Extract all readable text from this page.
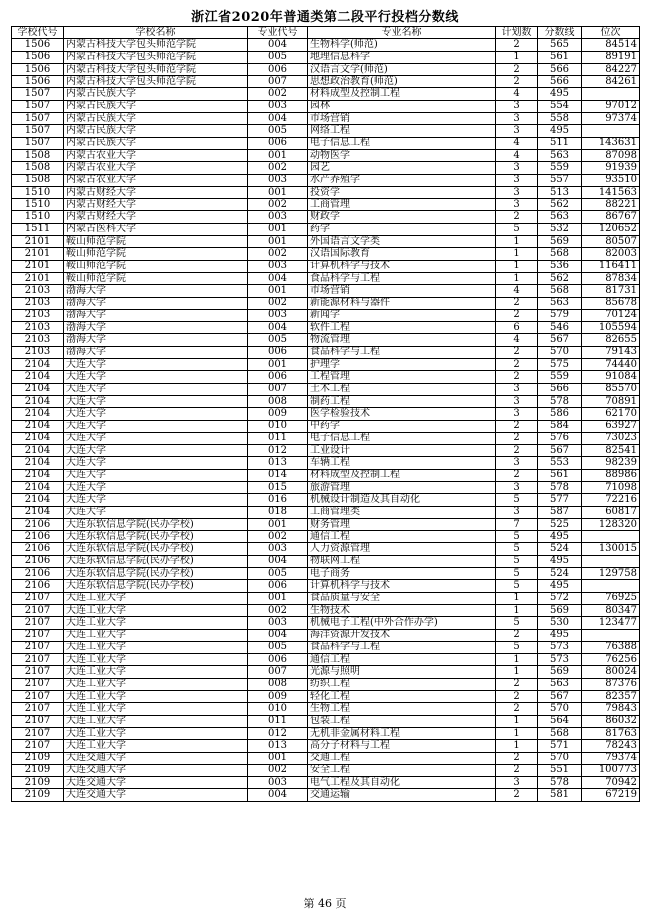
浙江省2020年普通类第二段平行投档分数线
学校代号	学校名称	专业代号	专业名称	计划数	分数线	位次
1506	内蒙古科技大学包头师范学院	004	生物科学(师范)	2	565	84514
1506	内蒙古科技大学包头师范学院	005	地理信息科学	1	561	89191
1506	内蒙古科技大学包头师范学院	006	汉语言文学(师范)	2	566	84227
1506	内蒙古科技大学包头师范学院	007	思想政治教育(师范)	2	566	84261
1507	内蒙古民族大学	002	材料成型及控制工程	4	495	
1507	内蒙古民族大学	003	园林	3	554	97012
1507	内蒙古民族大学	004	市场营销	3	558	97374
1507	内蒙古民族大学	005	网络工程	3	495	
1507	内蒙古民族大学	006	电子信息工程	4	511	143631
1508	内蒙古农业大学	001	动物医学	4	563	87098
1508	内蒙古农业大学	002	园艺	3	559	91939
1508	内蒙古农业大学	003	水产养殖学	3	557	93510
1510	内蒙古财经大学	001	投资学	3	513	141563
1510	内蒙古财经大学	002	工商管理	3	562	88221
1510	内蒙古财经大学	003	财政学	2	563	86767
1511	内蒙古医科大学	001	药学	5	532	120652
2101	鞍山师范学院	001	外国语言文学类	1	569	80507
2101	鞍山师范学院	002	汉语国际教育	1	568	82003
2101	鞍山师范学院	003	计算机科学与技术	1	536	116411
2101	鞍山师范学院	004	食品科学与工程	1	562	87834
2103	渤海大学	001	市场营销	4	568	81731
2103	渤海大学	002	新能源材料与器件	2	563	85678
2103	渤海大学	003	新闻学	2	579	70124
2103	渤海大学	004	软件工程	6	546	105594
2103	渤海大学	005	物流管理	4	567	82655
2103	渤海大学	006	食品科学与工程	2	570	79143
2104	大连大学	001	护理学	2	575	74440
2104	大连大学	006	工程管理	2	559	91084
2104	大连大学	007	土木工程	3	566	85570
2104	大连大学	008	制药工程	3	578	70891
2104	大连大学	009	医学检验技术	3	586	62170
2104	大连大学	010	中药学	2	584	63927
2104	大连大学	011	电子信息工程	2	576	73023
2104	大连大学	012	工业设计	2	567	82541
2104	大连大学	013	车辆工程	3	553	98239
2104	大连大学	014	材料成型及控制工程	2	561	88986
2104	大连大学	015	旅游管理	3	578	71098
2104	大连大学	016	机械设计制造及其自动化	5	577	72216
2104	大连大学	018	工商管理类	3	587	60817
2106	大连东软信息学院(民办学校)	001	财务管理	7	525	128320
2106	大连东软信息学院(民办学校)	002	通信工程	5	495	
2106	大连东软信息学院(民办学校)	003	人力资源管理	5	524	130015
2106	大连东软信息学院(民办学校)	004	物联网工程	5	495	
2106	大连东软信息学院(民办学校)	005	电子商务	5	524	129758
2106	大连东软信息学院(民办学校)	006	计算机科学与技术	5	495	
2107	大连工业大学	001	食品质量与安全	1	572	76925
2107	大连工业大学	002	生物技术	1	569	80347
2107	大连工业大学	003	机械电子工程(中外合作办学)	5	530	123477
2107	大连工业大学	004	海洋资源开发技术	2	495	
2107	大连工业大学	005	食品科学与工程	5	573	76388
2107	大连工业大学	006	通信工程	1	573	76256
2107	大连工业大学	007	光源与照明	1	569	80024
2107	大连工业大学	008	纺织工程	2	563	87376
2107	大连工业大学	009	轻化工程	2	567	82357
2107	大连工业大学	010	生物工程	2	570	79843
2107	大连工业大学	011	包装工程	1	564	86032
2107	大连工业大学	012	无机非金属材料工程	1	568	81763
2107	大连工业大学	013	高分子材料与工程	1	571	78243
2109	大连交通大学	001	交通工程	2	570	79374
2109	大连交通大学	002	安全工程	2	551	100773
2109	大连交通大学	003	电气工程及其自动化	3	578	70942
2109	大连交通大学	004	交通运输	2	581	67219
第 46 页
